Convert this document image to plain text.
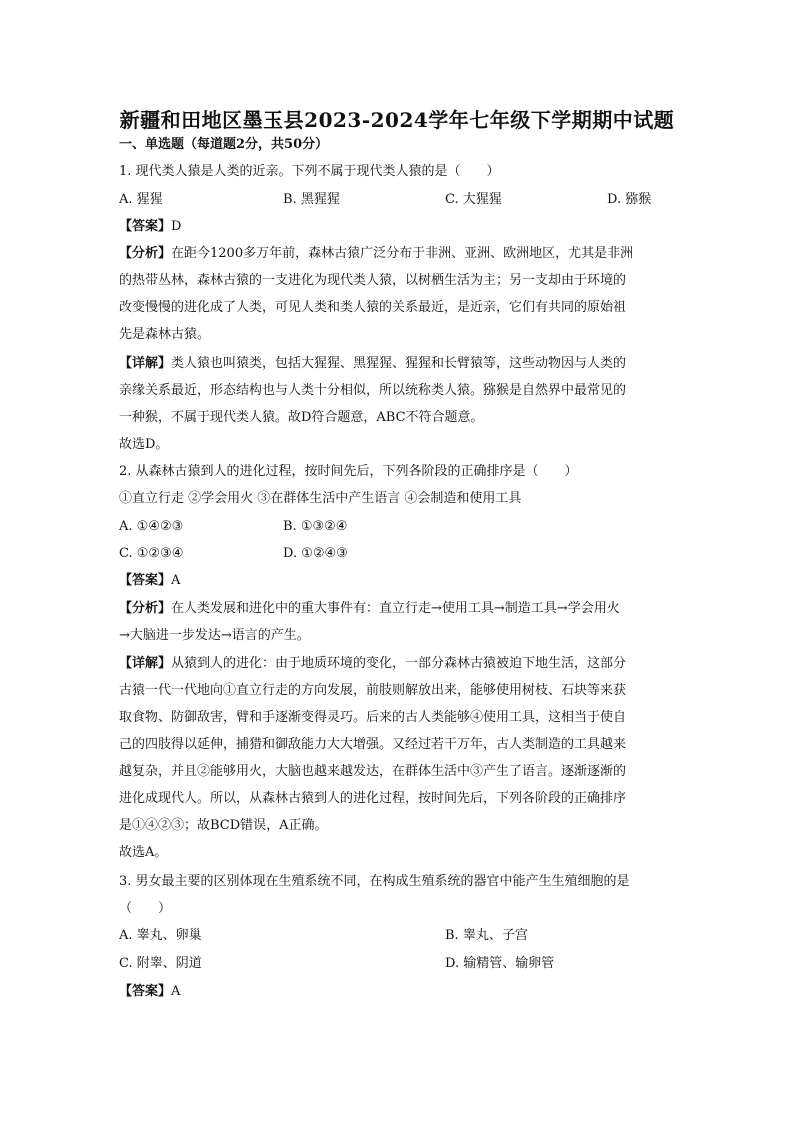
新疆和田地区墨玉县2023-2024学年七年级下学期期中试题
一、单选题（每道题2分，共50分）
1. 现代类人猿是人类的近亲。下列不属于现代类人猿的是（　　）
A. 猩猩	B. 黑猩猩	C. 大猩猩	D. 猕猴
【答案】D
【分析】在距今1200多万年前，森林古猿广泛分布于非洲、亚洲、欧洲地区，尤其是非洲
的热带丛林，森林古猿的一支进化为现代类人猿，以树栖生活为主；另一支却由于环境的
改变慢慢的进化成了人类，可见人类和类人猿的关系最近，是近亲，它们有共同的原始祖
先是森林古猿。
【详解】类人猿也叫猿类，包括大猩猩、黑猩猩、猩猩和长臂猿等，这些动物因与人类的
亲缘关系最近，形态结构也与人类十分相似，所以统称类人猿。猕猴是自然界中最常见的
一种猴，不属于现代类人猿。故D符合题意，ABC不符合题意。
故选D。
2. 从森林古猿到人的进化过程，按时间先后，下列各阶段的正确排序是（　　）
①直立行走 ②学会用火 ③在群体生活中产生语言 ④会制造和使用工具
A. ①④②③	B. ①③②④
C. ①②③④	D. ①②④③
【答案】A
【分析】在人类发展和进化中的重大事件有：直立行走→使用工具→制造工具→学会用火
→大脑进一步发达→语言的产生。
【详解】从猿到人的进化：由于地质环境的变化，一部分森林古猿被迫下地生活，这部分
古猿一代一代地向①直立行走的方向发展，前肢则解放出来，能够使用树枝、石块等来获
取食物、防御敌害，臂和手逐渐变得灵巧。后来的古人类能够④使用工具，这相当于使自
己的四肢得以延伸，捕猎和御敌能力大大增强。又经过若干万年，古人类制造的工具越来
越复杂，并且②能够用火，大脑也越来越发达，在群体生活中③产生了语言。逐渐逐渐的
进化成现代人。所以，从森林古猿到人的进化过程，按时间先后，下列各阶段的正确排序
是①④②③；故BCD错误，A正确。
故选A。
3. 男女最主要的区别体现在生殖系统不同，在构成生殖系统的器官中能产生生殖细胞的是
（　　）
A. 睾丸、卵巢	B. 睾丸、子宫
C. 附睾、阴道	D. 输精管、输卵管
【答案】A
